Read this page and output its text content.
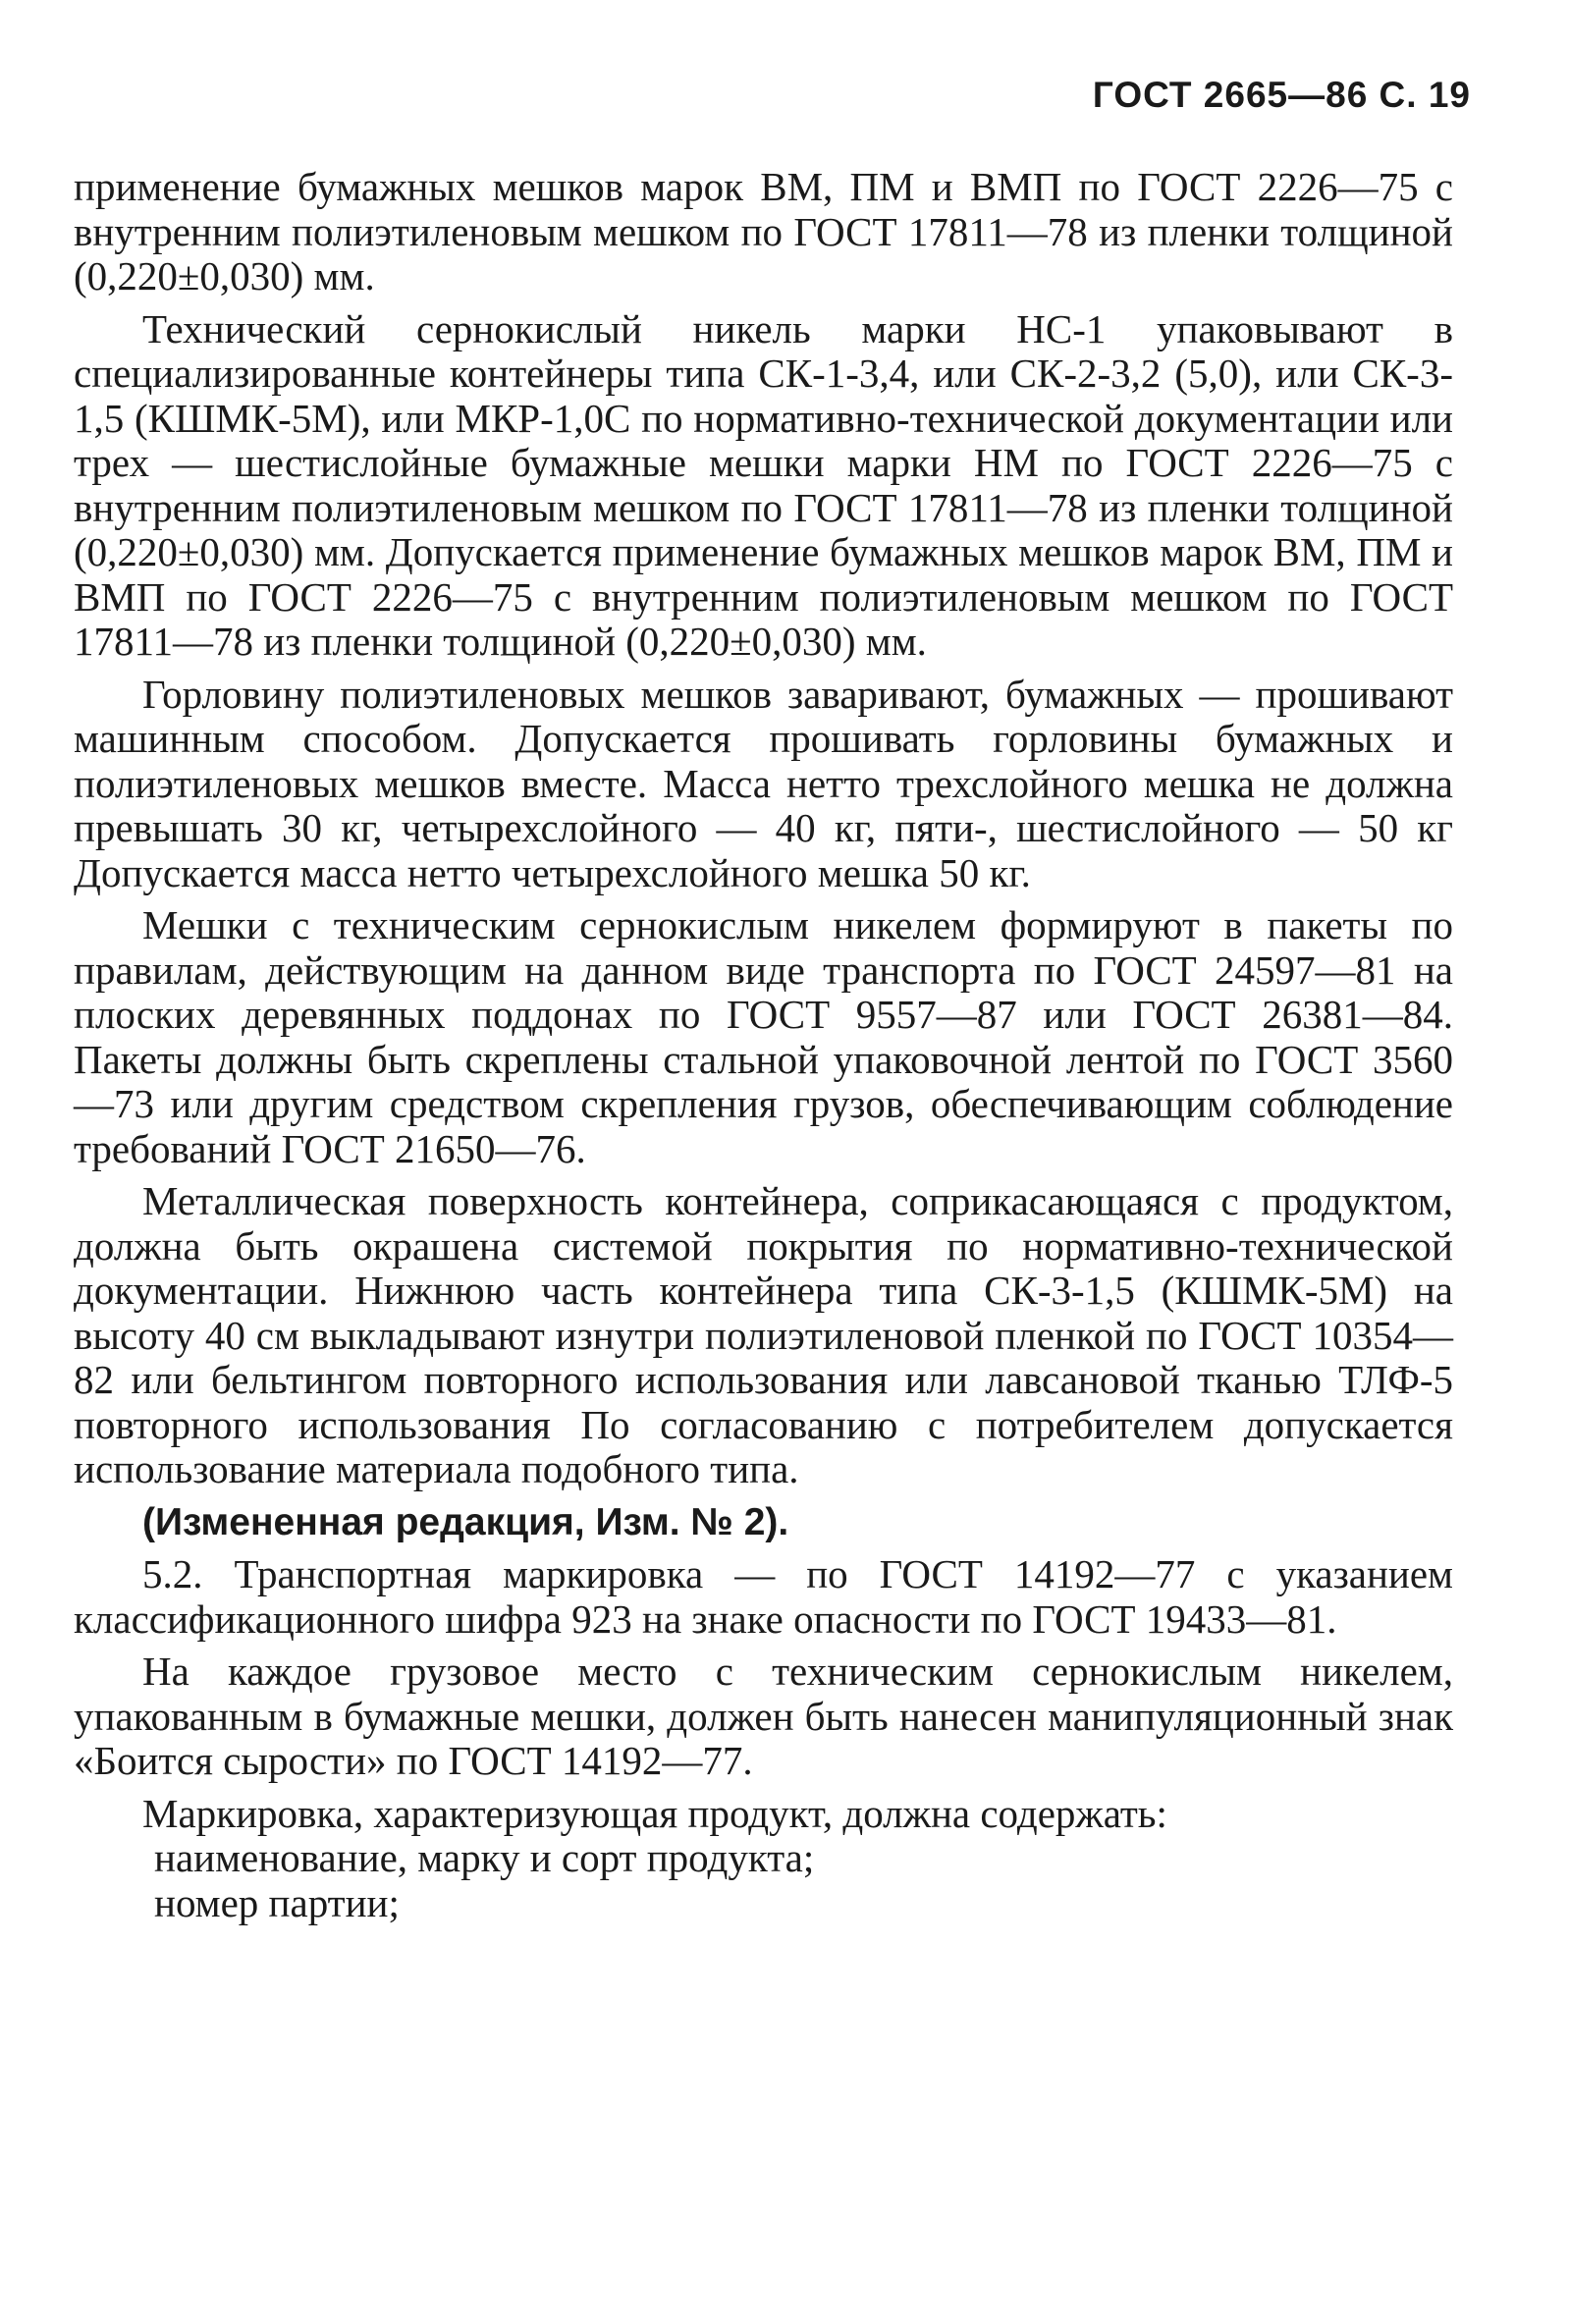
ГОСТ 2665—86 С. 19

применение бумажных мешков марок ВМ, ПМ и ВМП по ГОСТ 2226—75 с внутренним полиэтиленовым мешком по ГОСТ 17811—78 из пленки толщиной (0,220±0,030) мм.

Технический сернокислый никель марки НС-1 упаковывают в специализированные контейнеры типа СК-1-3,4, или СК-2-3,2 (5,0), или СК-3-1,5 (КШМК-5М), или МКР-1,0С по нормативно-технической документации или трех — шестислойные бумажные мешки марки НМ по ГОСТ 2226—75 с внутренним полиэтиленовым мешком по ГОСТ 17811—78 из пленки толщиной (0,220±0,030) мм. Допускается применение бумажных мешков марок ВМ, ПМ и ВМП по ГОСТ 2226—75 с внутренним полиэтиленовым мешком по ГОСТ 17811—78 из пленки толщиной (0,220±0,030) мм.

Горловину полиэтиленовых мешков заваривают, бумажных — прошивают машинным способом. Допускается прошивать горловины бумажных и полиэтиленовых мешков вместе. Масса нетто трехслойного мешка не должна превышать 30 кг, четырехслойного — 40 кг, пяти-, шестислойного — 50 кг Допускается масса нетто четырехслойного мешка 50 кг.

Мешки с техническим сернокислым никелем формируют в пакеты по правилам, действующим на данном виде транспорта по ГОСТ 24597—81 на плоских деревянных поддонах по ГОСТ 9557—87 или ГОСТ 26381—84. Пакеты должны быть скреплены стальной упаковочной лентой по ГОСТ 3560—73 или другим средством скрепления грузов, обеспечивающим соблюдение требований ГОСТ 21650—76.

Металлическая поверхность контейнера, соприкасающаяся с продуктом, должна быть окрашена системой покрытия по нормативно-технической документации. Нижнюю часть контейнера типа СК-3-1,5 (КШМК-5М) на высоту 40 см выкладывают изнутри полиэтиленовой пленкой по ГОСТ 10354—82 или бельтингом повторного использования или лавсановой тканью ТЛФ-5 повторного использования По согласованию с потребителем допускается использование материала подобного типа.

(Измененная редакция, Изм. № 2).

5.2. Транспортная маркировка — по ГОСТ 14192—77 с указанием классификационного шифра 923 на знаке опасности по ГОСТ 19433—81.

На каждое грузовое место с техническим сернокислым никелем, упакованным в бумажные мешки, должен быть нанесен манипуляционный знак «Боится сырости» по ГОСТ 14192—77.

Маркировка, характеризующая продукт, должна содержать:

наименование, марку и сорт продукта;
номер партии;
